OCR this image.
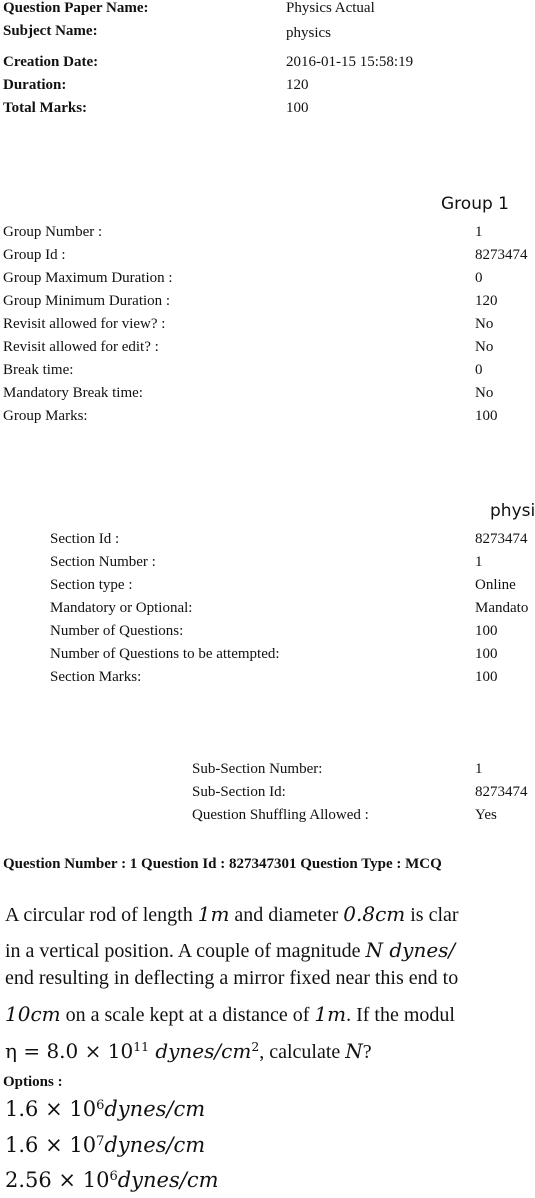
Question Paper Name:	Physics Actual
Subject Name:	physics
Creation Date:	2016-01-15 15:58:19
Duration:	120
Total Marks:	100
Group 1
Group Number :	1
Group Id :	8273474
Group Maximum Duration :	0
Group Minimum Duration :	120
Revisit allowed for view? :	No
Revisit allowed for edit? :	No
Break time:	0
Mandatory Break time:	No
Group Marks:	100
physi
Section Id :	8273474
Section Number :	1
Section type :	Online
Mandatory or Optional:	Mandato
Number of Questions:	100
Number of Questions to be attempted:	100
Section Marks:	100
Sub-Section Number:	1
Sub-Section Id:	8273474
Question Shuffling Allowed :	Yes
Question Number : 1 Question Id : 827347301 Question Type : MCQ
A circular rod of length 1m and diameter 0.8cm is clar
in a vertical position. A couple of magnitude N dynes/
end resulting in deflecting a mirror fixed near this end to
10cm on a scale kept at a distance of 1m. If the modul
$\eta = 8.0 \times 10^{11}$ dynes/$cm^2$, calculate N?
Options :
$1.6 \times 10^6dynes/cm$
$1.6 \times 10^7dynes/cm$
$2.56 \times 10^6dynes/cm$
